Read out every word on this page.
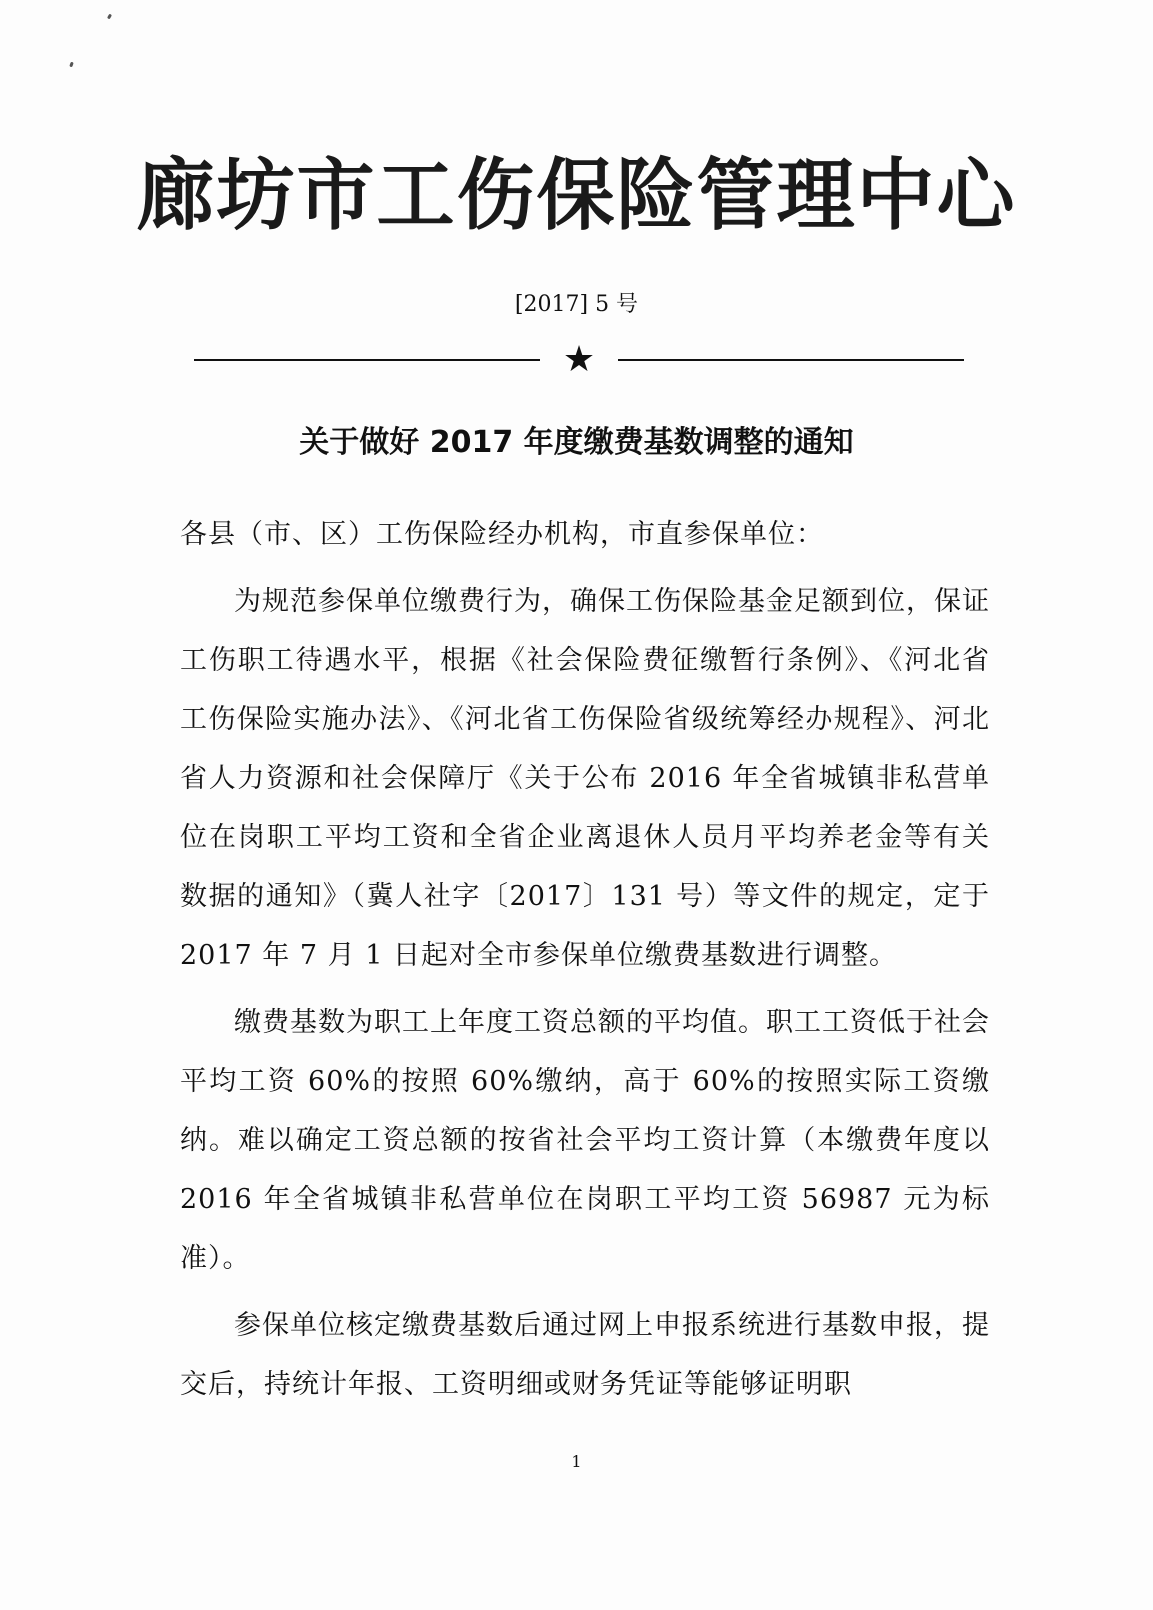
廊坊市工伤保险管理中心
[2017] 5 号
★
关于做好 2017 年度缴费基数调整的通知

各县（市、区）工伤保险经办机构，市直参保单位：

为规范参保单位缴费行为，确保工伤保险基金足额到位，保证工伤职工待遇水平，根据《社会保险费征缴暂行条例》、《河北省工伤保险实施办法》、《河北省工伤保险省级统筹经办规程》、河北省人力资源和社会保障厅《关于公布 2016 年全省城镇非私营单位在岗职工平均工资和全省企业离退休人员月平均养老金等有关数据的通知》（冀人社字〔2017〕131 号）等文件的规定，定于 2017 年 7 月 1 日起对全市参保单位缴费基数进行调整。

缴费基数为职工上年度工资总额的平均值。职工工资低于社会平均工资 60%的按照 60%缴纳，高于 60%的按照实际工资缴纳。难以确定工资总额的按省社会平均工资计算（本缴费年度以 2016 年全省城镇非私营单位在岗职工平均工资 56987 元为标准）。

参保单位核定缴费基数后通过网上申报系统进行基数申报，提交后，持统计年报、工资明细或财务凭证等能够证明职

1
